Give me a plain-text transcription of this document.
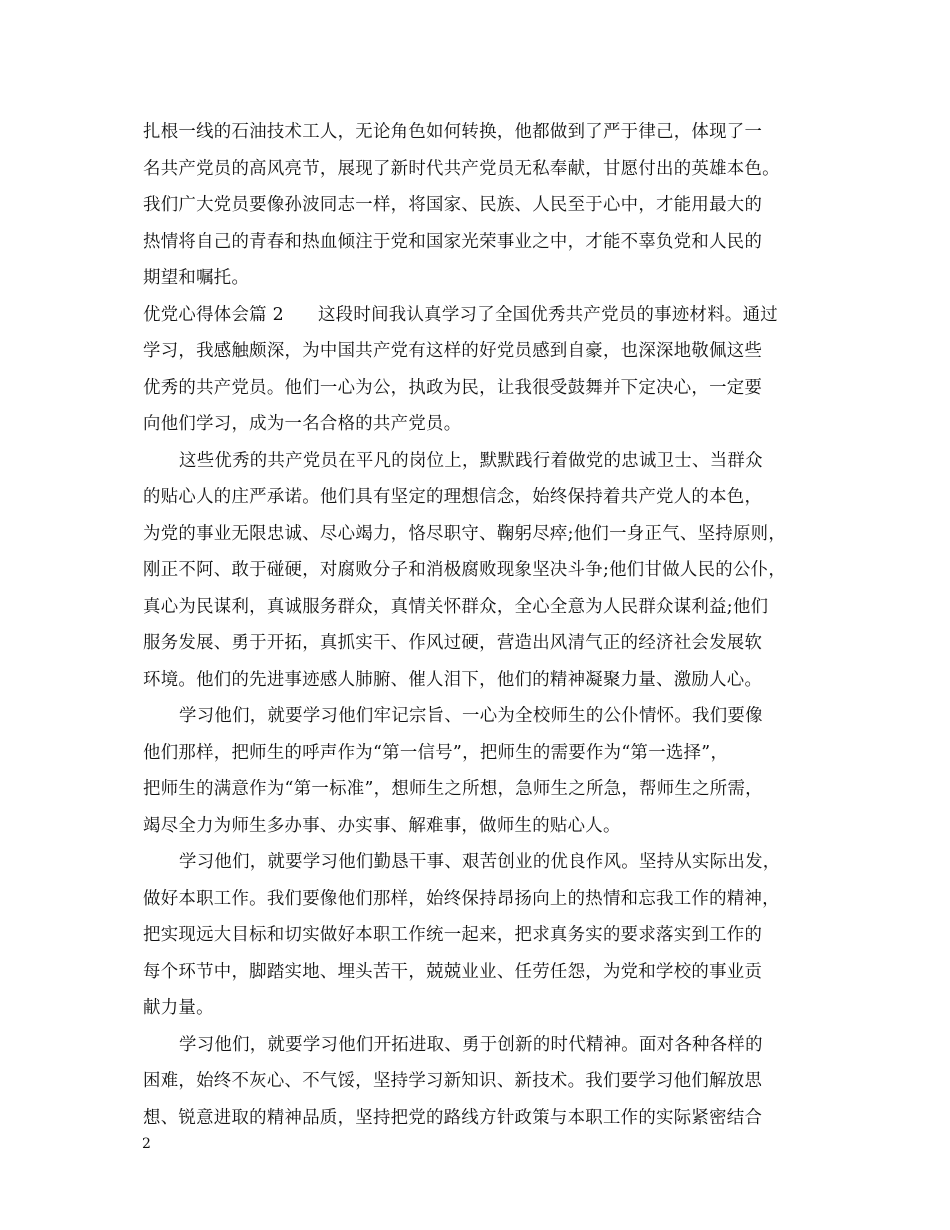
扎根一线的石油技术工人，无论角色如何转换，他都做到了严于律己，体现了一
名共产党员的高风亮节，展现了新时代共产党员无私奉献，甘愿付出的英雄本色。
我们广大党员要像孙波同志一样，将国家、民族、人民至于心中，才能用最大的
热情将自己的青春和热血倾注于党和国家光荣事业之中，才能不辜负党和人民的
期望和嘱托。
优党心得体会篇 2 这段时间我认真学习了全国优秀共产党员的事迹材料。通过
学习，我感触颇深，为中国共产党有这样的好党员感到自豪，也深深地敬佩这些
优秀的共产党员。他们一心为公，执政为民，让我很受鼓舞并下定决心，一定要
向他们学习，成为一名合格的共产党员。
这些优秀的共产党员在平凡的岗位上，默默践行着做党的忠诚卫士、当群众
的贴心人的庄严承诺。他们具有坚定的理想信念，始终保持着共产党人的本色，
为党的事业无限忠诚、尽心竭力，恪尽职守、鞠躬尽瘁;他们一身正气、坚持原则，
刚正不阿、敢于碰硬，对腐败分子和消极腐败现象坚决斗争;他们甘做人民的公仆，
真心为民谋利，真诚服务群众，真情关怀群众，全心全意为人民群众谋利益;他们
服务发展、勇于开拓，真抓实干、作风过硬，营造出风清气正的经济社会发展软
环境。他们的先进事迹感人肺腑、催人泪下，他们的精神凝聚力量、激励人心。
学习他们，就要学习他们牢记宗旨、一心为全校师生的公仆情怀。我们要像
他们那样，把师生的呼声作为“第一信号”，把师生的需要作为“第一选择”，
把师生的满意作为“第一标准”，想师生之所想，急师生之所急，帮师生之所需，
竭尽全力为师生多办事、办实事、解难事，做师生的贴心人。
学习他们，就要学习他们勤恳干事、艰苦创业的优良作风。坚持从实际出发，
做好本职工作。我们要像他们那样，始终保持昂扬向上的热情和忘我工作的精神，
把实现远大目标和切实做好本职工作统一起来，把求真务实的要求落实到工作的
每个环节中，脚踏实地、埋头苦干，兢兢业业、任劳任怨，为党和学校的事业贡
献力量。
学习他们，就要学习他们开拓进取、勇于创新的时代精神。面对各种各样的
困难，始终不灰心、不气馁，坚持学习新知识、新技术。我们要学习他们解放思
想、锐意进取的精神品质，坚持把党的路线方针政策与本职工作的实际紧密结合
2
